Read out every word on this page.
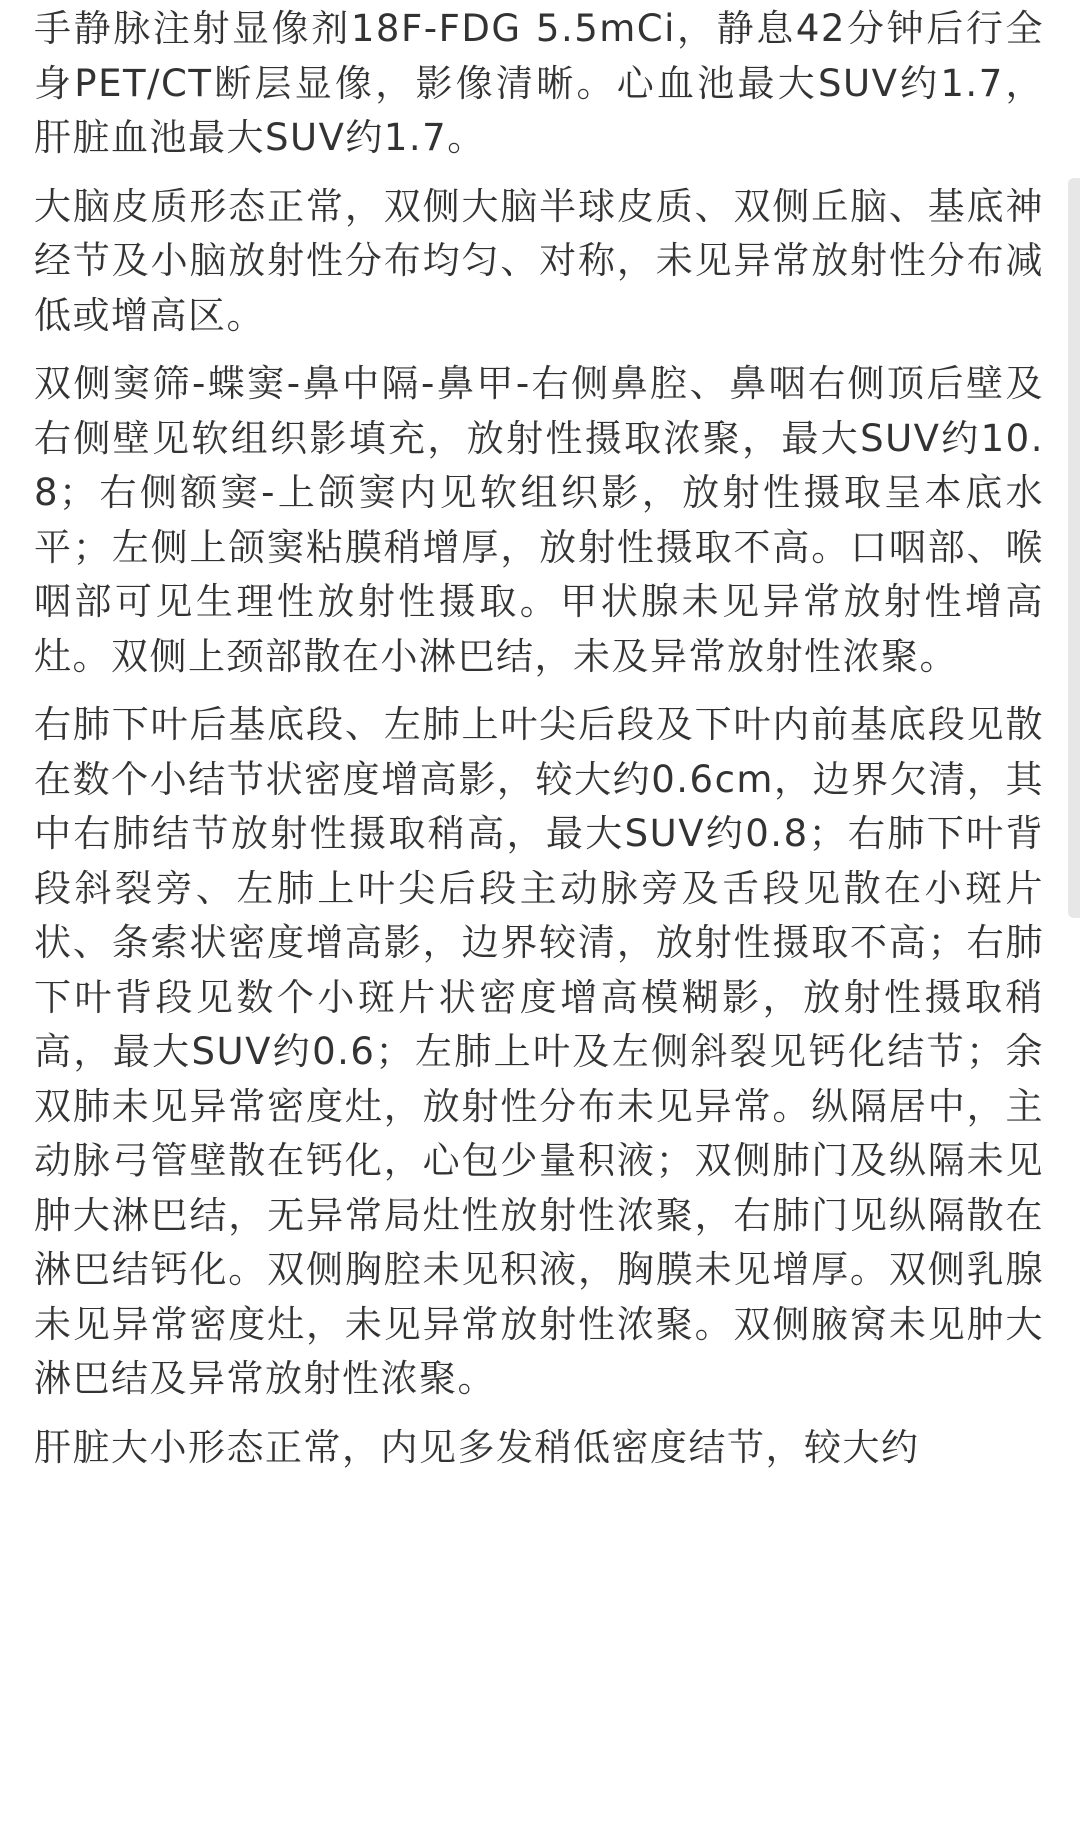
手静脉注射显像剂18F-FDG 5.5mCi，静息42分钟后行全身PET/CT断层显像，影像清晰。心血池最大SUV约1.7，肝脏血池最大SUV约1.7。

大脑皮质形态正常，双侧大脑半球皮质、双侧丘脑、基底神经节及小脑放射性分布均匀、对称，未见异常放射性分布减低或增高区。

双侧窦筛-蝶窦-鼻中隔-鼻甲-右侧鼻腔、鼻咽右侧顶后壁及右侧壁见软组织影填充，放射性摄取浓聚，最大SUV约10.8；右侧额窦-上颌窦内见软组织影，放射性摄取呈本底水平；左侧上颌窦粘膜稍增厚，放射性摄取不高。口咽部、喉咽部可见生理性放射性摄取。甲状腺未见异常放射性增高灶。双侧上颈部散在小淋巴结，未及异常放射性浓聚。

右肺下叶后基底段、左肺上叶尖后段及下叶内前基底段见散在数个小结节状密度增高影，较大约0.6cm，边界欠清，其中右肺结节放射性摄取稍高，最大SUV约0.8；右肺下叶背段斜裂旁、左肺上叶尖后段主动脉旁及舌段见散在小斑片状、条索状密度增高影，边界较清，放射性摄取不高；右肺下叶背段见数个小斑片状密度增高模糊影，放射性摄取稍高，最大SUV约0.6；左肺上叶及左侧斜裂见钙化结节；余双肺未见异常密度灶，放射性分布未见异常。纵隔居中，主动脉弓管壁散在钙化，心包少量积液；双侧肺门及纵隔未见肿大淋巴结，无异常局灶性放射性浓聚，右肺门见纵隔散在淋巴结钙化。双侧胸腔未见积液，胸膜未见增厚。双侧乳腺未见异常密度灶，未见异常放射性浓聚。双侧腋窝未见肿大淋巴结及异常放射性浓聚。

肝脏大小形态正常，内见多发稍低密度结节，较大约
